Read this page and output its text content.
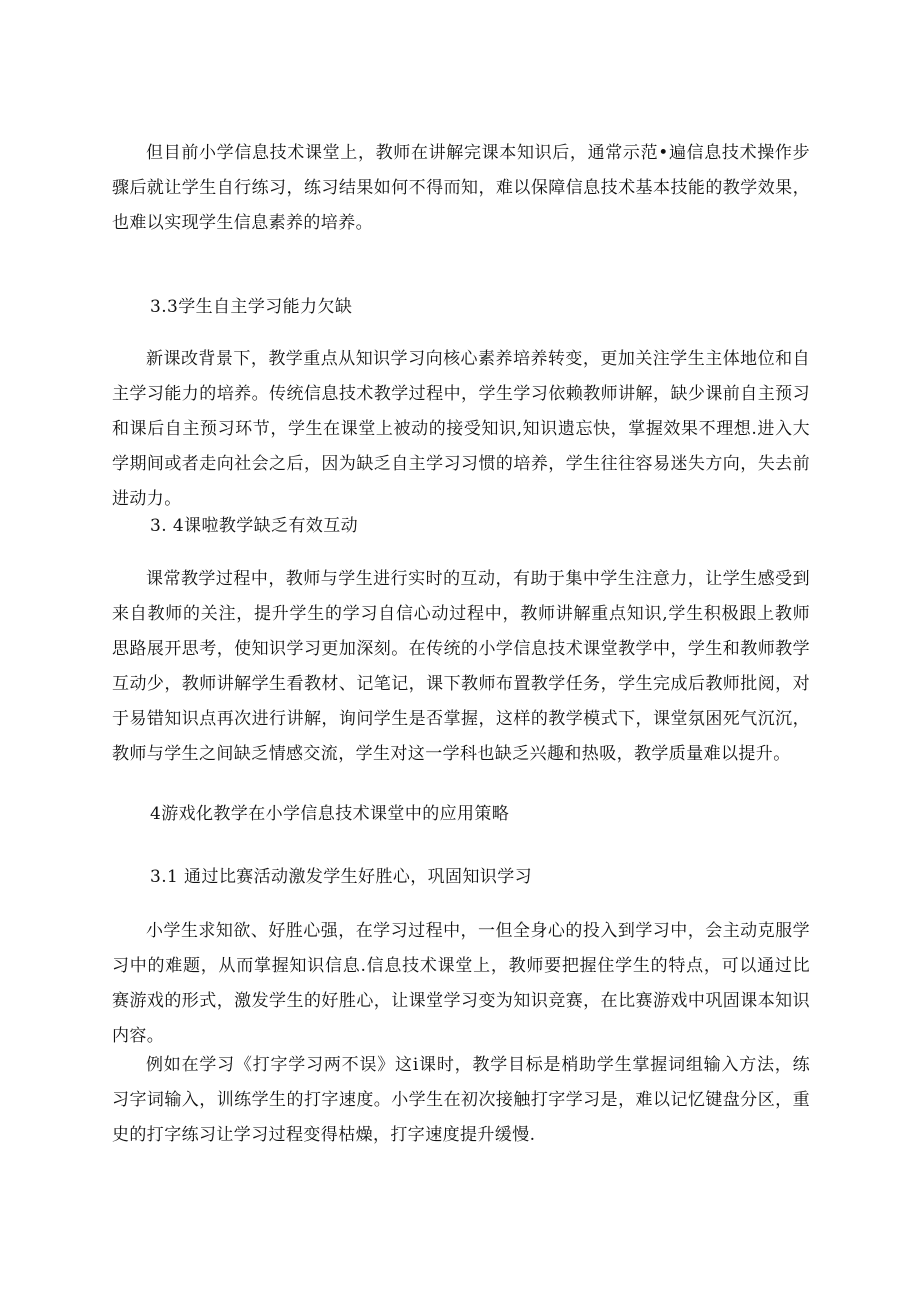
但目前小学信息技术课堂上，教师在讲解完课本知识后，通常示范•遍信息技术操作步骤后就让学生自行练习，练习结果如何不得而知，难以保障信息技术基本技能的教学效果，也难以实现学生信息素养的培养。

3.3学生自主学习能力欠缺

新课改背景下，教学重点从知识学习向核心素养培养转变，更加关注学生主体地位和自主学习能力的培养。传统信息技术教学过程中，学生学习依赖教师讲解，缺少课前自主预习和课后自主预习环节，学生在课堂上被动的接受知识,知识遗忘快，掌握效果不理想.进入大学期间或者走向社会之后，因为缺乏自主学习习惯的培养，学生往往容易迷失方向，失去前进动力。

3. 4课啦教学缺乏有效互动

课常教学过程中，教师与学生进行实时的互动，有助于集中学生注意力，让学生感受到来自教师的关注，提升学生的学习自信心动过程中，教师讲解重点知识,学生积极跟上教师思路展开思考，使知识学习更加深刻。在传统的小学信息技术课堂教学中，学生和教师教学互动少，教师讲解学生看教材、记笔记，课下教师布置教学任务，学生完成后教师批阅，对于易错知识点再次进行讲解，询问学生是否掌握，这样的教学模式下，课堂氛困死气沉沉，教师与学生之间缺乏情感交流，学生对这一学科也缺乏兴趣和热吸，教学质量难以提升。

4游戏化教学在小学信息技术课堂中的应用策略

3.1 通过比赛活动激发学生好胜心，巩固知识学习

小学生求知欲、好胜心强，在学习过程中，一但全身心的投入到学习中，会主动克服学习中的难题，从而掌握知识信息.信息技术课堂上，教师要把握住学生的特点，可以通过比赛游戏的形式，激发学生的好胜心，让课堂学习变为知识竞赛，在比赛游戏中巩固课本知识内容。

例如在学习《打字学习两不误》这i课时，教学目标是梢助学生掌握词组输入方法，练习字词输入，训练学生的打字速度。小学生在初次接触打字学习是，难以记忆键盘分区，重史的打字练习让学习过程变得枯燥，打字速度提升缓慢.
